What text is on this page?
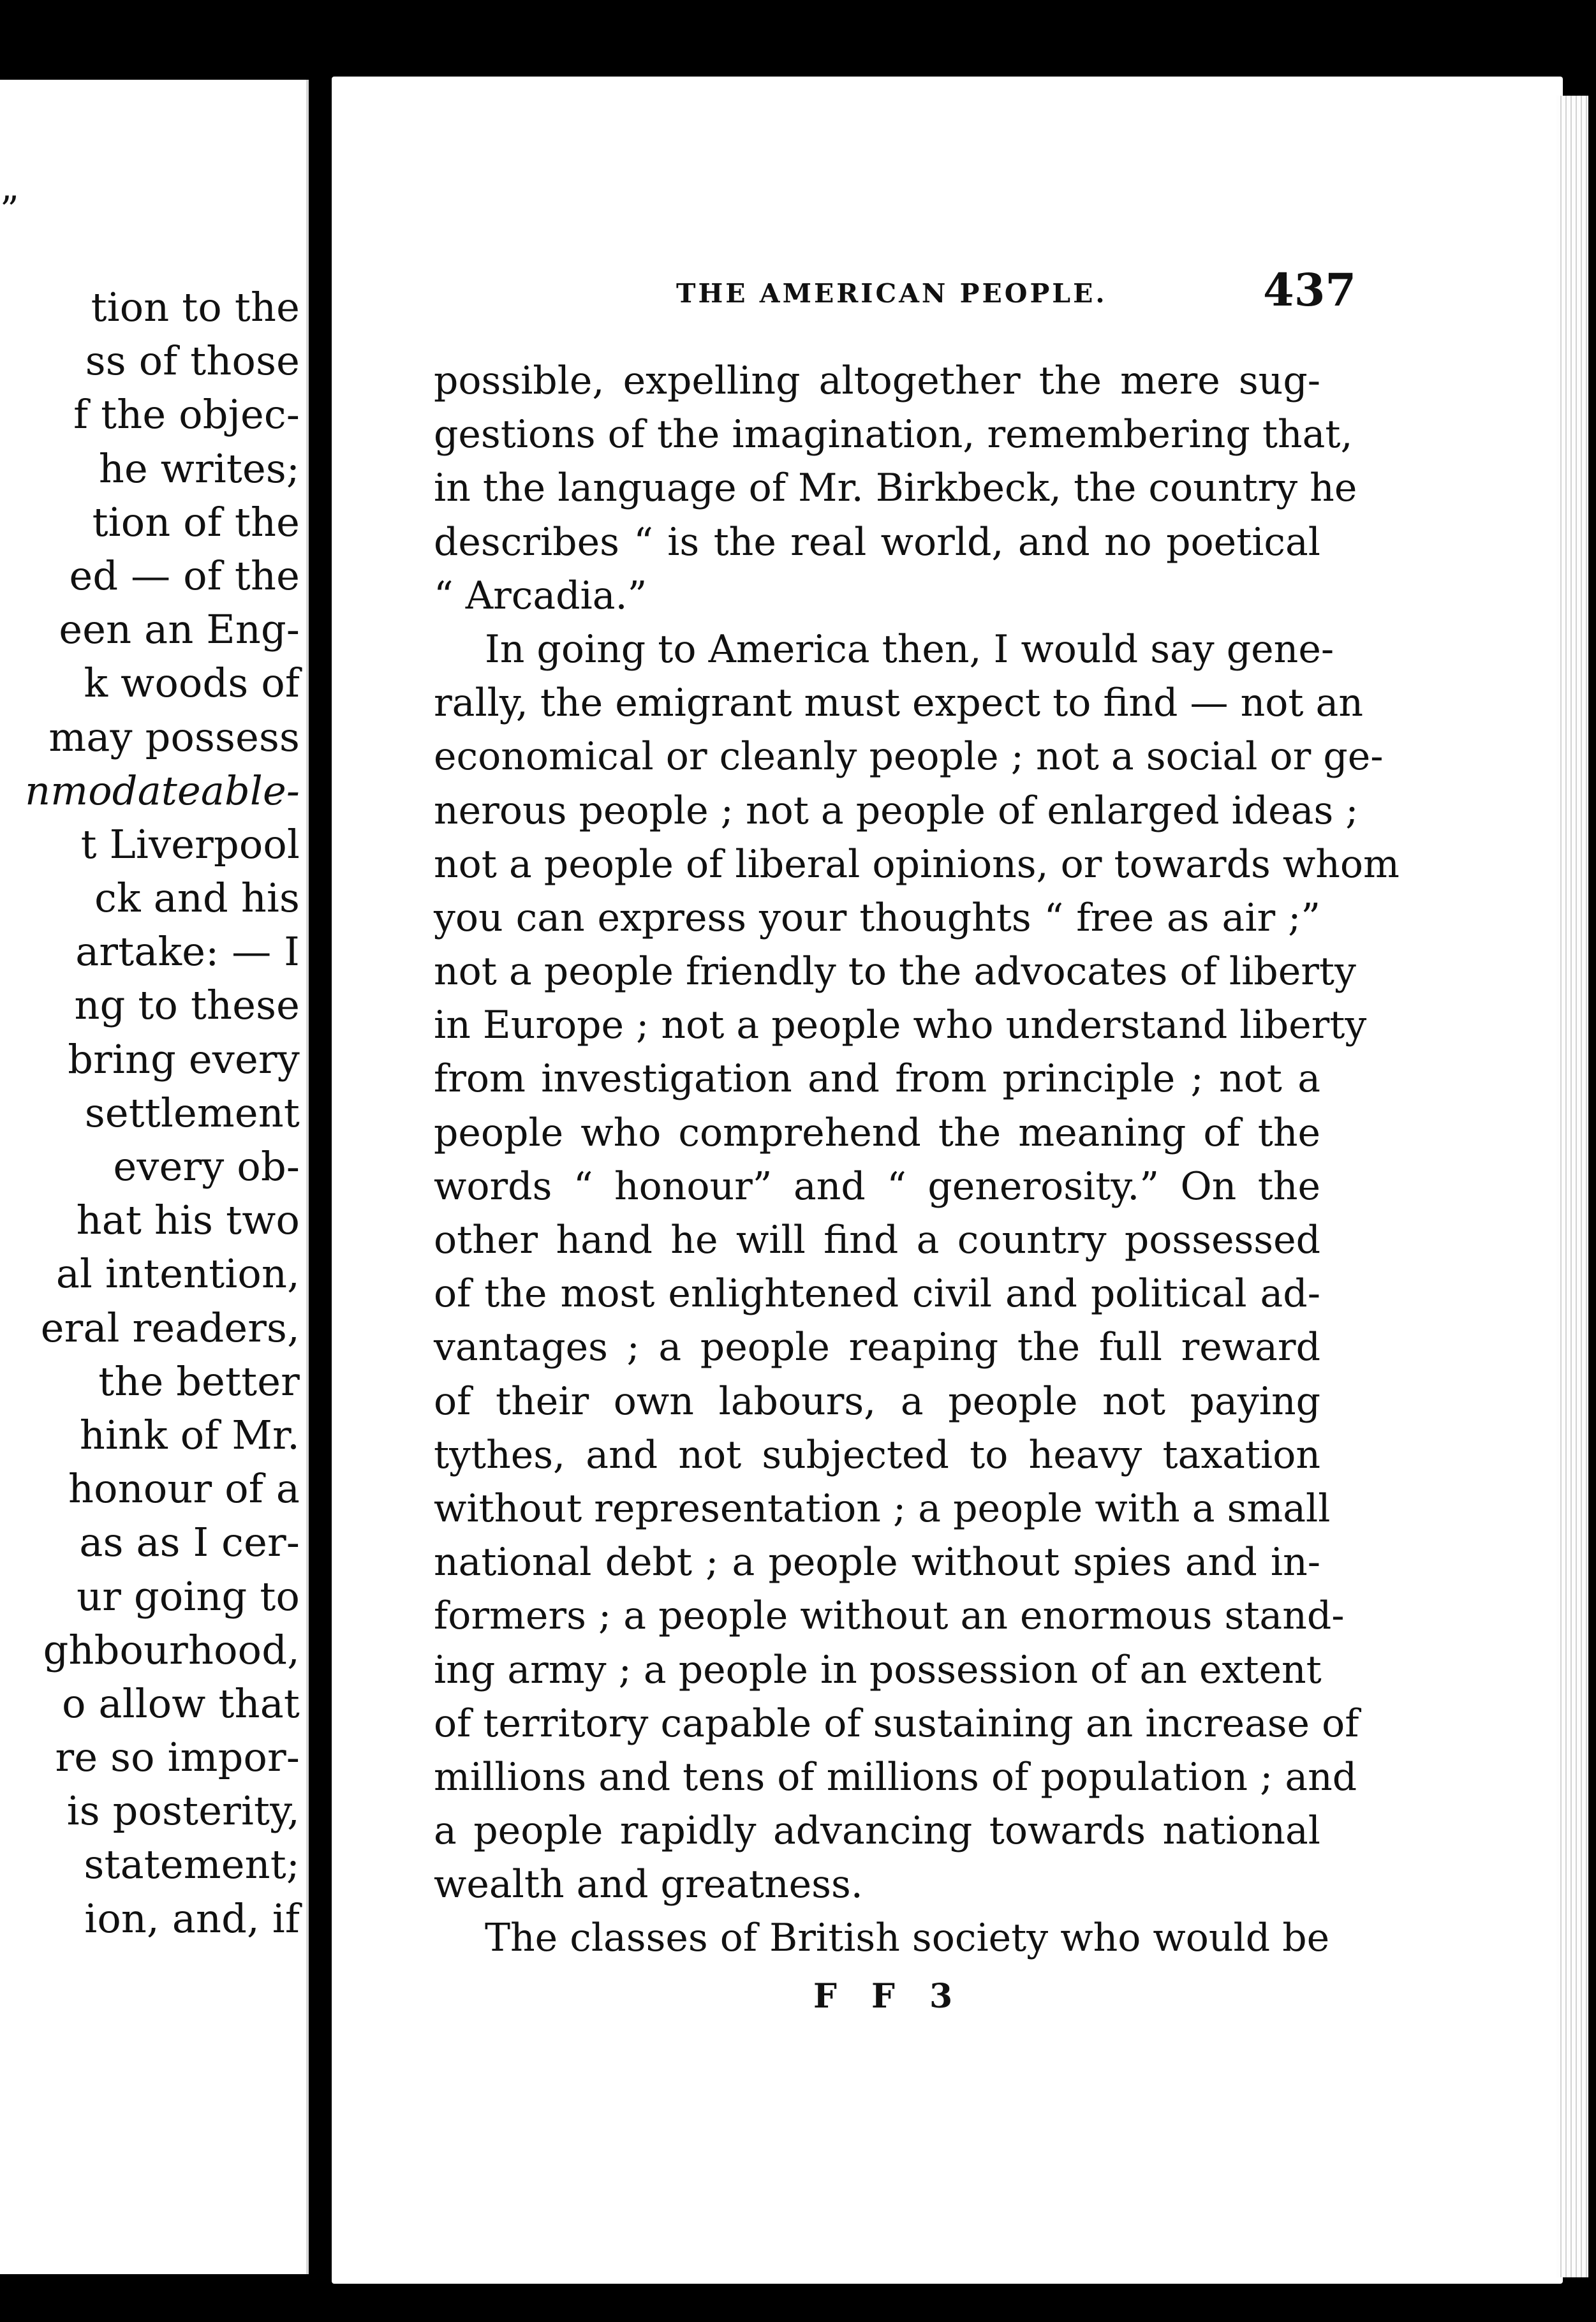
”
tion to the
ss of those
f the objec-
he writes;
tion of the
ed — of the
een an Eng-
k woods of
may possess
nmodateable-
t Liverpool
ck and his
artake: — I
ng to these
bring every
settlement
every ob-
hat his two
al intention,
eral readers,
the better
hink of Mr.
honour of a
as as I cer-
ur going to
ghbourhood,
o allow that
re so impor-
is posterity,
statement;
ion, and, if
THE AMERICAN PEOPLE.	437
possible, expelling altogether the mere sug-
gestions of the imagination, remembering that,
in the language of Mr. Birkbeck, the country he
describes “ is the real world, and no poetical
“ Arcadia.”
In going to America then, I would say gene-
rally, the emigrant must expect to find — not an
economical or cleanly people ; not a social or ge-
nerous people ; not a people of enlarged ideas ;
not a people of liberal opinions, or towards whom
you can express your thoughts “ free as air ;”
not a people friendly to the advocates of liberty
in Europe ; not a people who understand liberty
from investigation and from principle ; not a
people who comprehend the meaning of the
words “ honour” and “ generosity.” On the
other hand he will find a country possessed
of the most enlightened civil and political ad-
vantages ; a people reaping the full reward
of their own labours, a people not paying
tythes, and not subjected to heavy taxation
without representation ; a people with a small
national debt ; a people without spies and in-
formers ; a people without an enormous stand-
ing army ; a people in possession of an extent
of territory capable of sustaining an increase of
millions and tens of millions of population ; and
a people rapidly advancing towards national
wealth and greatness.
The classes of British society who would be
F F 3
